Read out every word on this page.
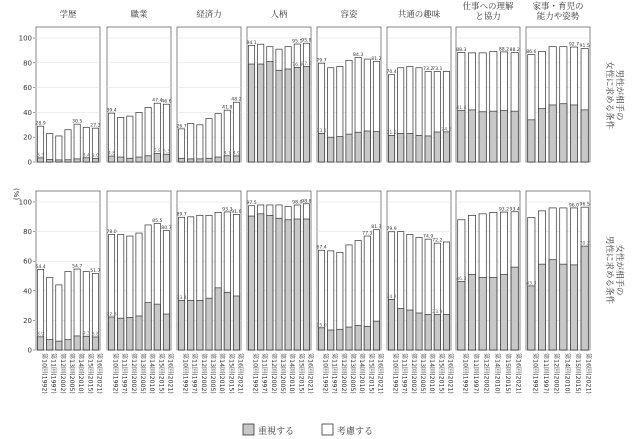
学歴	職業	経済力	人柄	容姿	共通の趣味
仕事への理解
と協力
家事・育児の
能力や姿勢
0
20
40
60
80
100
0
20
40
60
80
100
28.9
3.3
30.5
3.4
27.3
3.0
39.4
4.8
47.4
6.8
46.6
6.3
26.7
41.8
4.7
48.2
4.9
94.1	95.1
76.3
95.8
77.0
79.7
23.1
84.3
81.2
70.4
21.5
73.2
73.1
24.3
88.3
41.4
88.2 88.2 86.6
92.7 91.5
54.4
8.9
54.7
9.3
51.7
8.8
78.0
22.3
85.5
80.7
89.7
33.4
93.3
91.6
97.5	98.0
98.8
67.4
15.0
77.3
81.3 79.9
34.2
74.9
72.2
23.9
46.3
93.2 93.4
43.3
96.0 96.5
70.2
第10回(1992) 第11回(1997) 第12回(2002) 第13回(2005) 第14回(2010) 第15回(2015) 第16回(2021) 第10回(1992) 第11回(1997) 第12回(2002) 第13回(2005) 第14回(2010) 第15回(2015) 第16回(2021) 第10回(1992) 第11回(1997) 第12回(2002) 第13回(2005) 第14回(2010) 第15回(2015) 第16回(2021) 第10回(1992) 第11回(1997) 第12回(2002) 第13回(2005) 第14回(2010) 第15回(2015) 第16回(2021) 第10回(1992) 第11回(1997) 第12回(2002) 第13回(2005) 第14回(2010) 第15回(2015) 第16回(2021) 第10回(1992) 第11回(1997) 第12回(2002) 第13回(2005) 第14回(2010) 第15回(2015) 第16回(2021) 第10回(1992) 第11回(1997) 第12回(2002) 第14回(2010) 第15回(2015) 第16回(2021) 第10回(1992) 第11回(1997) 第12回(2002) 第14回(2010) 第15回(2015) 第16回(2021)
(%)
男性が相手の女性に求める条件
女性が相手の男性に求める条件
重視する	考慮する
